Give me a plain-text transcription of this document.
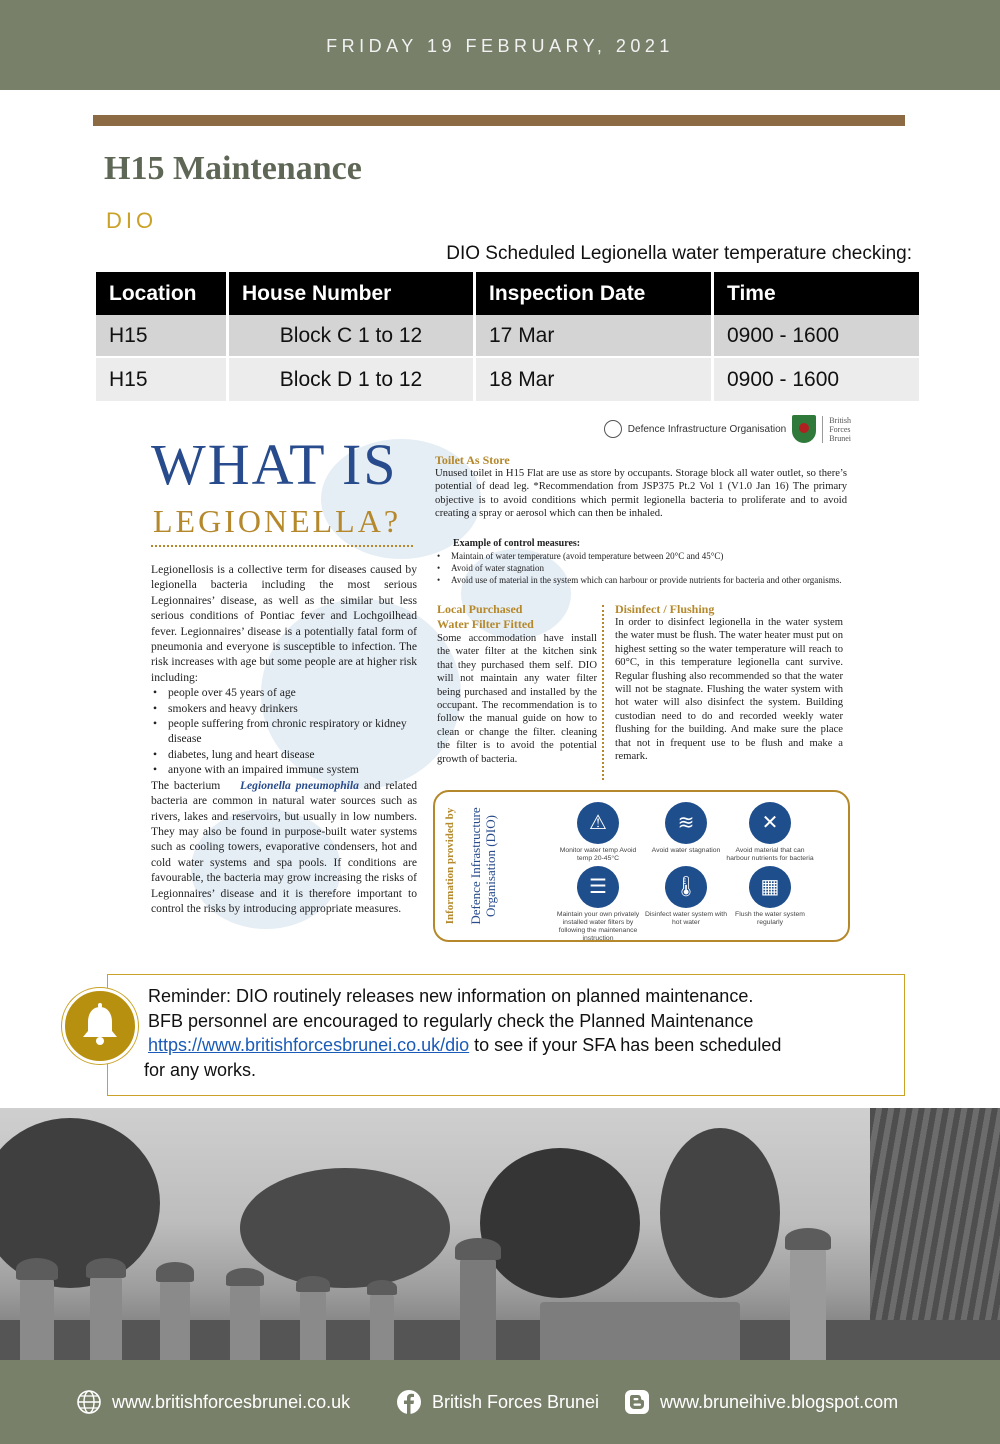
FRIDAY 19 FEBRUARY, 2021
H15 Maintenance
DIO
DIO Scheduled Legionella water temperature checking:
Location	House Number	Inspection Date	Time
H15	Block C 1 to 12	17 Mar	0900 - 1600
H15	Block D 1 to 12	18 Mar	0900 - 1600
Defence Infrastructure Organisation
British
Forces
Brunei
WHAT IS
LEGIONELLA?

Legionellosis is a collective term for diseases caused by legionella bacteria including the most serious Legionnaires’ disease, as well as the similar but less serious conditions of Pontiac fever and Lochgoilhead fever. Legionnaires’ disease is a potentially fatal form of pneumonia and everyone is susceptible to infection. The risk increases with age but some people are at higher risk including:

• people over 45 years of age
• smokers and heavy drinkers
• people suffering from chronic respiratory or kidney disease
• diabetes, lung and heart disease
• anyone with an impaired immune system

The bacterium Legionella pneumophila and related bacteria are common in natural water sources such as rivers, lakes and reservoirs, but usually in low numbers. They may also be found in purpose-built water systems such as cooling towers, evaporative condensers, hot and cold water systems and spa pools. If conditions are favourable, the bacteria may grow increasing the risks of Legionnaires’ disease and it is therefore important to control the risks by introducing appropriate measures.

Toilet As Store
Unused toilet in H15 Flat are use as store by occupants. Storage block all water outlet, so there’s potential of dead leg. *Recommendation from JSP375 Pt.2 Vol 1 (V1.0 Jan 16) The primary objective is to avoid conditions which permit legionella bacteria to proliferate and to avoid creating a spray or aerosol which can then be inhaled.
Example of control measures:
• Maintain of water temperature (avoid temperature between 20°C and 45°C)
• Avoid of water stagnation
• Avoid use of material in the system which can harbour or provide nutrients for bacteria and other organisms.
Local Purchased
Water Filter Fitted
Some accommodation have install the water filter at the kitchen sink that they purchased them self. DIO will not maintain any water filter being purchased and installed by the occupant. The recommendation is to follow the manual guide on how to clean or change the filter. cleaning the filter is to avoid the potential growth of bacteria.
Disinfect / Flushing
In order to disinfect legionella in the water system the water must be flush. The water heater must put on highest setting so the water temperature will reach to 60°C, in this temperature legionella cant survive. Regular flushing also recommended so that the water will not be stagnate. Flushing the water system with hot water will also disinfect the system. Building custodian need to do and recorded weekly water flushing for the building. And make sure the place that not in frequent use to be flush and make a remark.
Information provided by Defence Infrastructure Organisation (DIO)	⚠
Monitor water temp Avoid temp 20-45°C
≋
Avoid water stagnation
✕
Avoid material that can harbour nutrients for bacteria
☰
Maintain your own privately installed water filters by following the maintenance instruction
🌡
Disinfect water system with hot water
▦
Flush the water system regularly
Reminder: DIO routinely releases new information on planned maintenance.
BFB personnel are encouraged to regularly check the Planned Maintenance
https://www.britishforcesbrunei.co.uk/dio to see if your SFA has been scheduled
for any works.
www.britishforcesbrunei.co.uk	British Forces Brunei	www.bruneihive.blogspot.com
